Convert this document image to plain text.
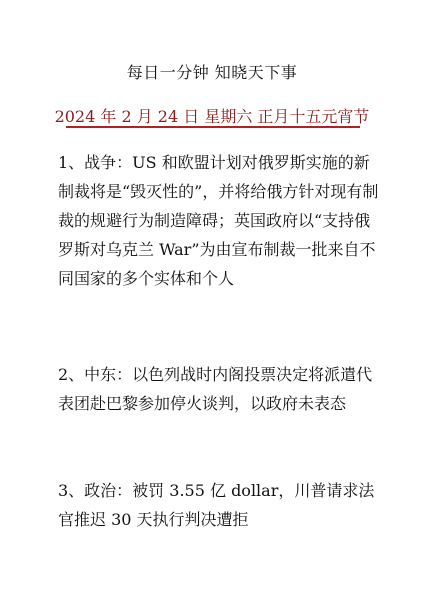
每日一分钟 知晓天下事
2024 年 2 月 24 日 星期六 正月十五元宵节
1、战争：US 和欧盟计划对俄罗斯实施的新制裁将是“毁灭性的”，并将给俄方针对现有制裁的规避行为制造障碍；英国政府以“支持俄罗斯对乌克兰 War”为由宣布制裁一批来自不同国家的多个实体和个人
2、中东：以色列战时内阁投票决定将派遣代表团赴巴黎参加停火谈判，以政府未表态
3、政治：被罚 3.55 亿 dollar，川普请求法官推迟 30 天执行判决遭拒
